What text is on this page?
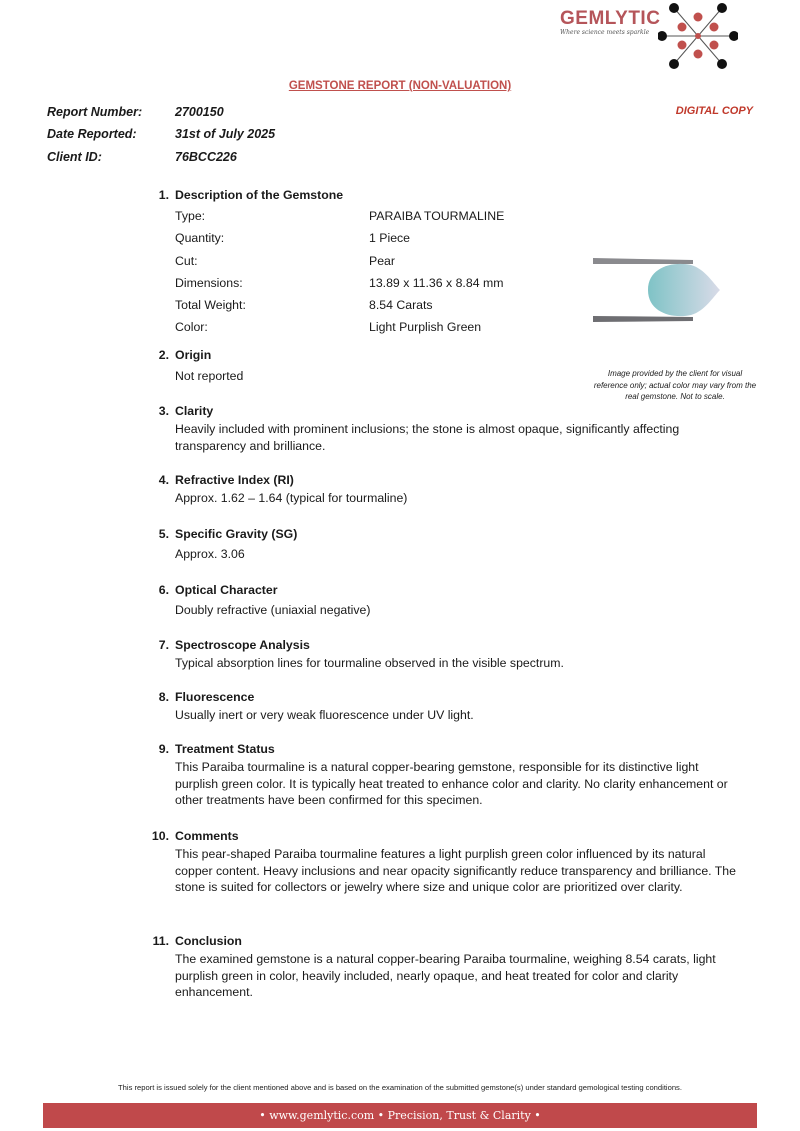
GEMLYTIC
Where science meets sparkle
GEMSTONE REPORT (NON-VALUATION)
DIGITAL COPY
Report Number:	2700150
Date Reported:	31st of July 2025
Client ID:	76BCC226
1. Description of the Gemstone
Type:	PARAIBA TOURMALINE
Quantity:	1 Piece
Cut:	Pear
Dimensions:	13.89 x 11.36 x 8.84 mm
Total Weight:	8.54 Carats
Color:	Light Purplish Green
Image provided by the client for visual reference only; actual color may vary from the real gemstone. Not to scale.
2. Origin
Not reported
3. Clarity
Heavily included with prominent inclusions; the stone is almost opaque, significantly affecting transparency and brilliance.
4. Refractive Index (RI)
Approx. 1.62 – 1.64 (typical for tourmaline)
5. Specific Gravity (SG)
Approx. 3.06
6. Optical Character
Doubly refractive (uniaxial negative)
7. Spectroscope Analysis
Typical absorption lines for tourmaline observed in the visible spectrum.
8. Fluorescence
Usually inert or very weak fluorescence under UV light.
9. Treatment Status
This Paraiba tourmaline is a natural copper-bearing gemstone, responsible for its distinctive light purplish green color. It is typically heat treated to enhance color and clarity. No clarity enhancement or other treatments have been confirmed for this specimen.
10. Comments
This pear-shaped Paraiba tourmaline features a light purplish green color influenced by its natural copper content. Heavy inclusions and near opacity significantly reduce transparency and brilliance. The stone is suited for collectors or jewelry where size and unique color are prioritized over clarity.
11. Conclusion
The examined gemstone is a natural copper-bearing Paraiba tourmaline, weighing 8.54 carats, light purplish green in color, heavily included, nearly opaque, and heat treated for color and clarity enhancement.
This report is issued solely for the client mentioned above and is based on the examination of the submitted gemstone(s) under standard gemological testing conditions.
• www.gemlytic.com • Precision, Trust & Clarity •
